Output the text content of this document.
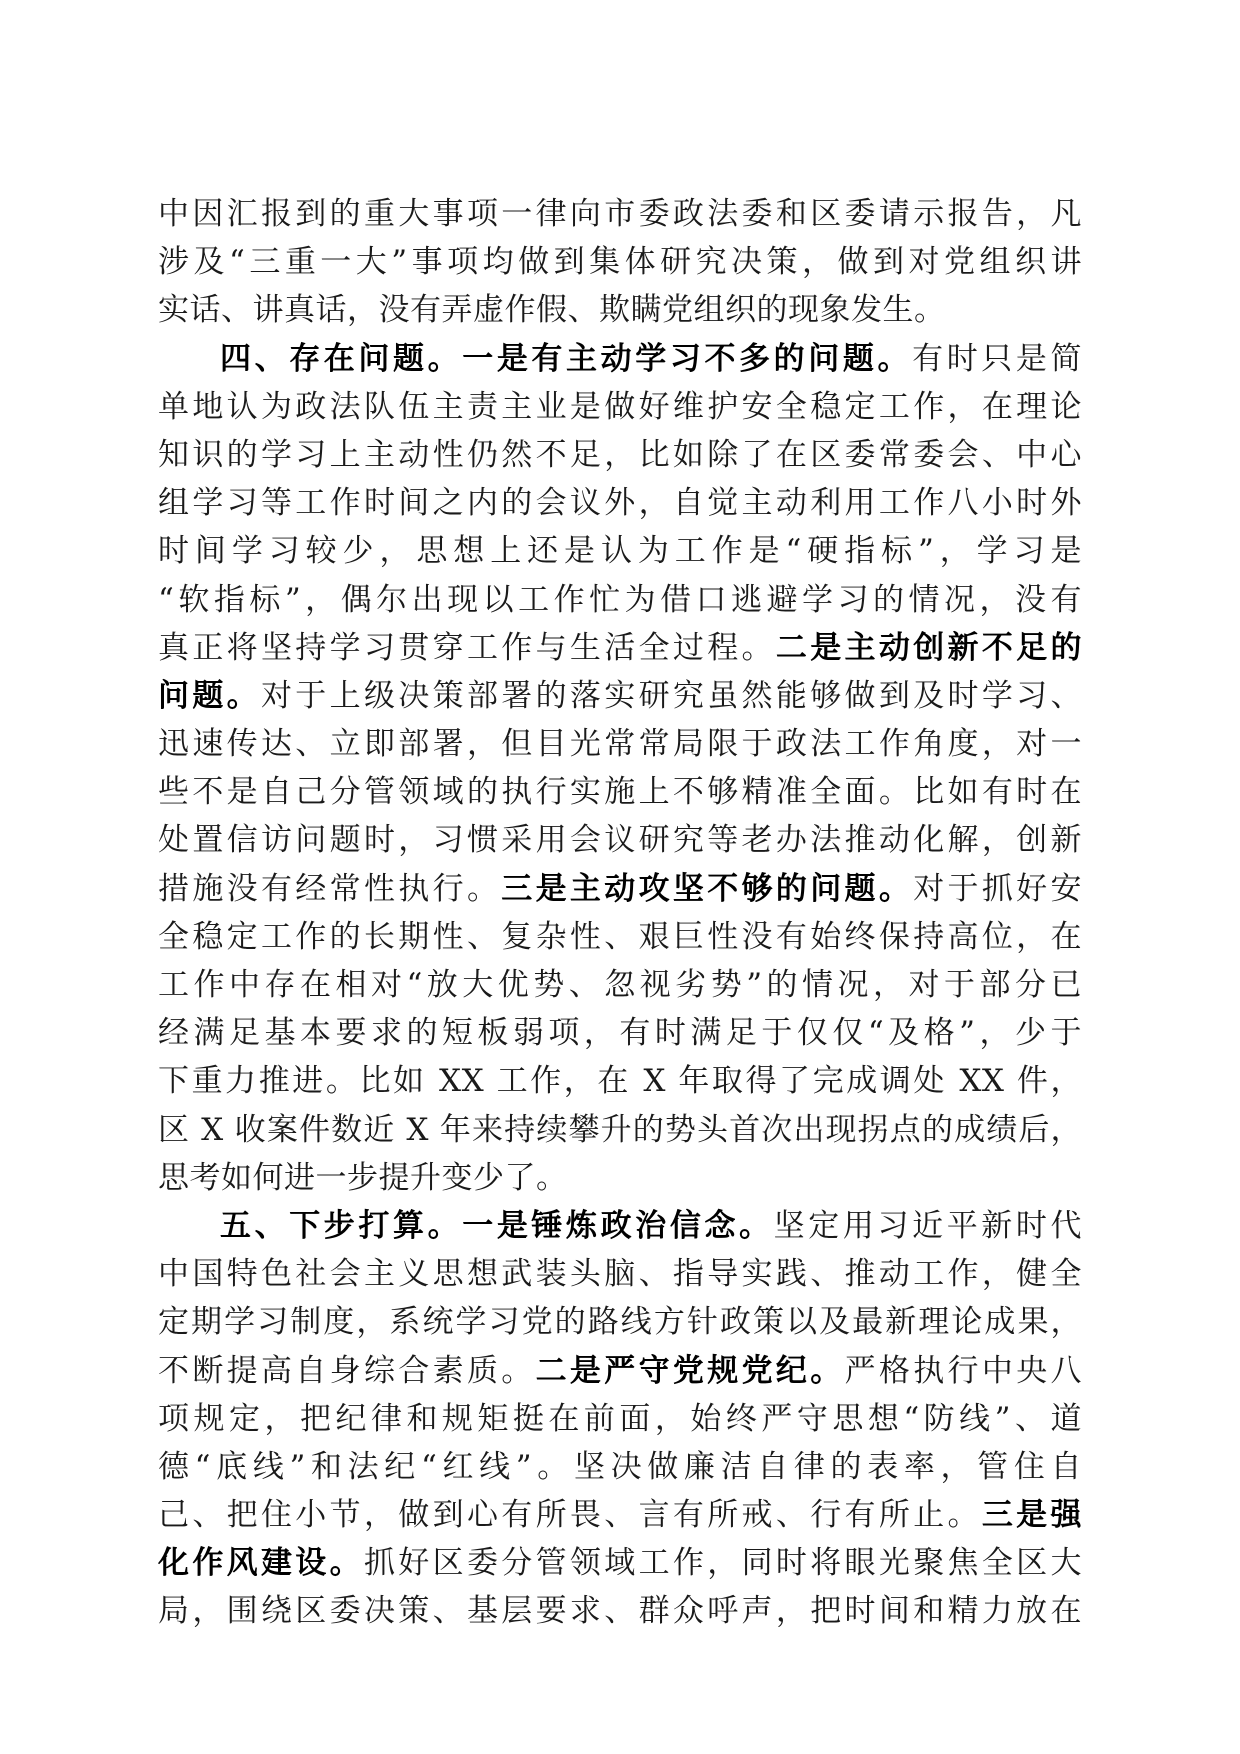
中因汇报到的重大事项一律向市委政法委和区委请示报告，凡
涉及“三重一大”事项均做到集体研究决策，做到对党组织讲
实话、讲真话，没有弄虚作假、欺瞒党组织的现象发生。
四、存在问题。一是有主动学习不多的问题。有时只是简
单地认为政法队伍主责主业是做好维护安全稳定工作，在理论
知识的学习上主动性仍然不足，比如除了在区委常委会、中心
组学习等工作时间之内的会议外，自觉主动利用工作八小时外
时间学习较少，思想上还是认为工作是“硬指标”，学习是
“软指标”，偶尔出现以工作忙为借口逃避学习的情况，没有
真正将坚持学习贯穿工作与生活全过程。二是主动创新不足的
问题。对于上级决策部署的落实研究虽然能够做到及时学习、
迅速传达、立即部署，但目光常常局限于政法工作角度，对一
些不是自己分管领域的执行实施上不够精准全面。比如有时在
处置信访问题时，习惯采用会议研究等老办法推动化解，创新
措施没有经常性执行。三是主动攻坚不够的问题。对于抓好安
全稳定工作的长期性、复杂性、艰巨性没有始终保持高位，在
工作中存在相对“放大优势、忽视劣势”的情况，对于部分已
经满足基本要求的短板弱项，有时满足于仅仅“及格”，少于
下重力推进。比如 XX 工作，在 X 年取得了完成调处 XX 件，
区 X 收案件数近 X 年来持续攀升的势头首次出现拐点的成绩后，
思考如何进一步提升变少了。
五、下步打算。一是锤炼政治信念。坚定用习近平新时代
中国特色社会主义思想武装头脑、指导实践、推动工作，健全
定期学习制度，系统学习党的路线方针政策以及最新理论成果，
不断提高自身综合素质。二是严守党规党纪。严格执行中央八
项规定，把纪律和规矩挺在前面，始终严守思想“防线”、道
德“底线”和法纪“红线”。坚决做廉洁自律的表率，管住自
己、把住小节，做到心有所畏、言有所戒、行有所止。三是强
化作风建设。抓好区委分管领域工作，同时将眼光聚焦全区大
局，围绕区委决策、基层要求、群众呼声，把时间和精力放在
